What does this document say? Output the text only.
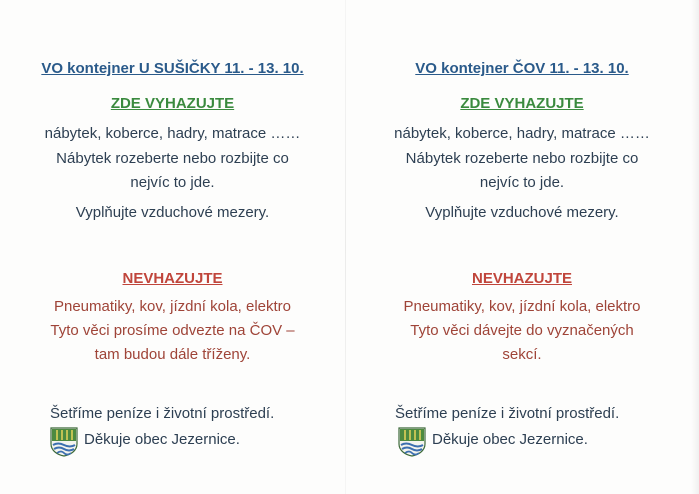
VO kontejner U SUŠIČKY 11. - 13. 10.
ZDE VYHAZUJTE
nábytek, koberce, hadry, matrace ……
Nábytek rozeberte nebo rozbijte co
nejvíc to jde.
Vyplňujte vzduchové mezery.
NEVHAZUJTE
Pneumatiky, kov, jízdní kola, elektro
Tyto věci prosíme odvezte na ČOV –
tam budou dále tříženy.
Šetříme peníze i životní prostředí.
Děkuje obec Jezernice.
VO kontejner ČOV 11. - 13. 10.
ZDE VYHAZUJTE
nábytek, koberce, hadry, matrace ……
Nábytek rozeberte nebo rozbijte co
nejvíc to jde.
Vyplňujte vzduchové mezery.
NEVHAZUJTE
Pneumatiky, kov, jízdní kola, elektro
Tyto věci dávejte do vyznačených
sekcí.
Šetříme peníze i životní prostředí.
Děkuje obec Jezernice.
